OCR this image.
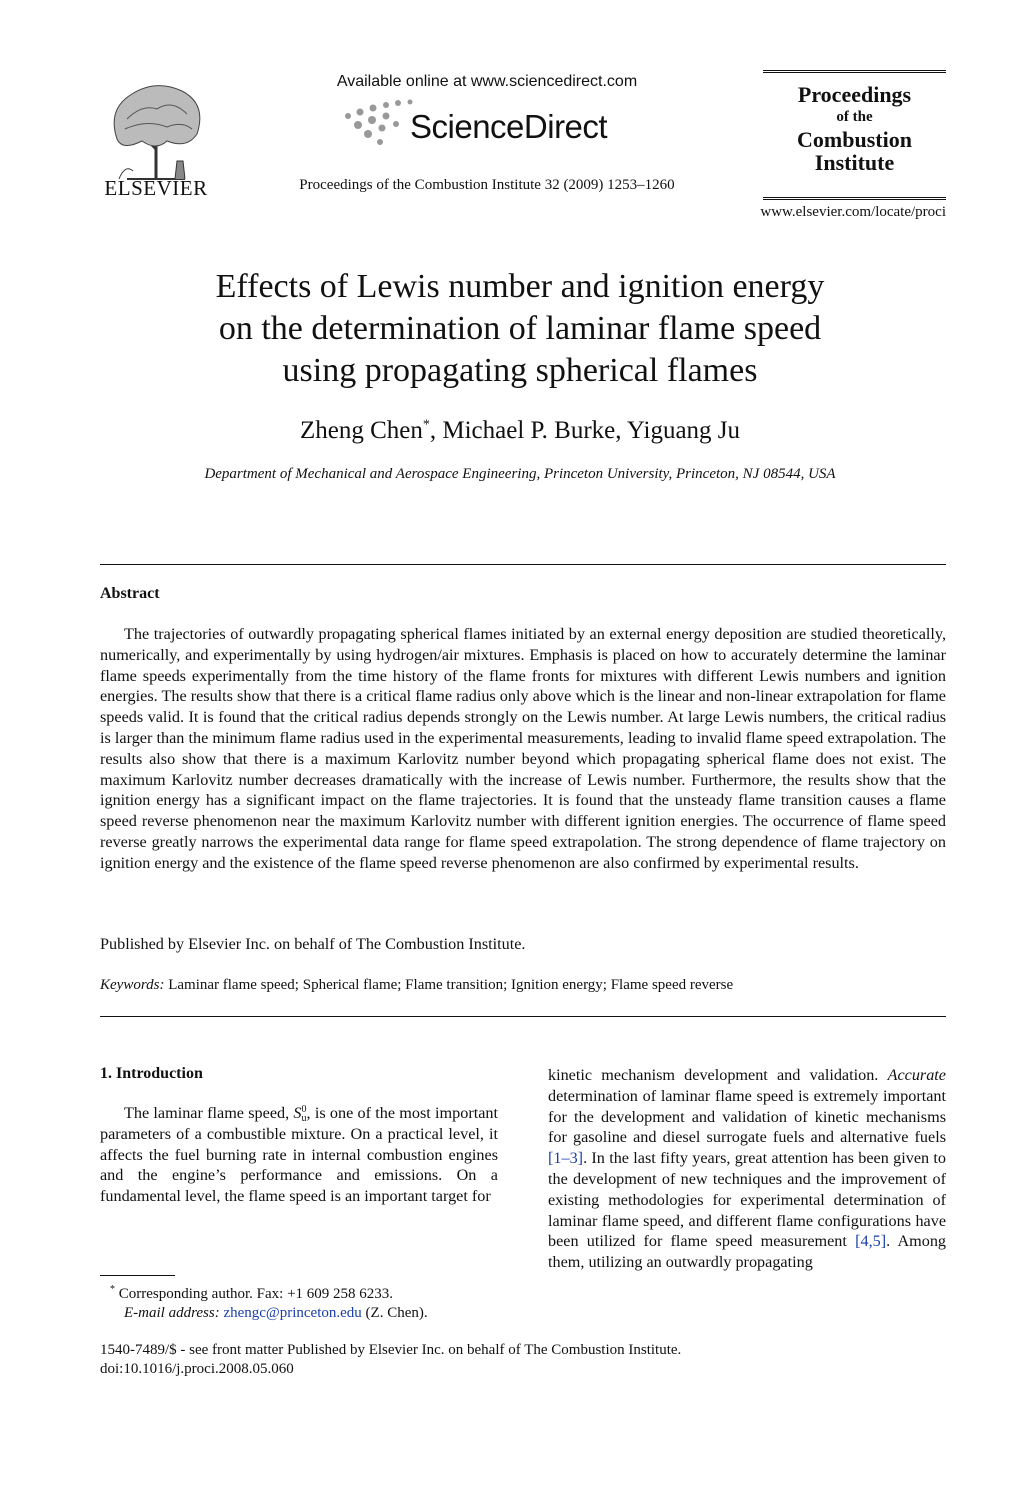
ELSEVIER
Available online at www.sciencedirect.com
ScienceDirect
Proceedings of the Combustion Institute 32 (2009) 1253–1260
Proceedings
of the
Combustion
Institute
www.elsevier.com/locate/proci
Effects of Lewis number and ignition energy
on the determination of laminar flame speed
using propagating spherical flames
Zheng Chen*, Michael P. Burke, Yiguang Ju
Department of Mechanical and Aerospace Engineering, Princeton University, Princeton, NJ 08544, USA
Abstract

The trajectories of outwardly propagating spherical flames initiated by an external energy deposition are studied theoretically, numerically, and experimentally by using hydrogen/air mixtures. Emphasis is placed on how to accurately determine the laminar flame speeds experimentally from the time history of the flame fronts for mixtures with different Lewis numbers and ignition energies. The results show that there is a critical flame radius only above which is the linear and non-linear extrapolation for flame speeds valid. It is found that the critical radius depends strongly on the Lewis number. At large Lewis numbers, the critical radius is larger than the minimum flame radius used in the experimental measurements, leading to invalid flame speed extrapolation. The results also show that there is a maximum Karlovitz number beyond which propagating spherical flame does not exist. The maximum Karlovitz number decreases dramatically with the increase of Lewis number. Furthermore, the results show that the ignition energy has a significant impact on the flame trajectories. It is found that the unsteady flame transition causes a flame speed reverse phenomenon near the maximum Karlovitz number with different ignition energies. The occurrence of flame speed reverse greatly narrows the experimental data range for flame speed extrapolation. The strong dependence of flame trajectory on ignition energy and the existence of the flame speed reverse phenomenon are also confirmed by experimental results.

Published by Elsevier Inc. on behalf of The Combustion Institute.
Keywords: Laminar flame speed; Spherical flame; Flame transition; Ignition energy; Flame speed reverse
1. Introduction

The laminar flame speed, S 0
u , is one of the most important parameters of a combustible mixture. On a practical level, it affects the fuel burning rate in internal combustion engines and the engine’s performance and emissions. On a fundamental level, the flame speed is an important target for

kinetic mechanism development and validation. Accurate determination of laminar flame speed is extremely important for the development and validation of kinetic mechanisms for gasoline and diesel surrogate fuels and alternative fuels [1–3]. In the last fifty years, great attention has been given to the development of new techniques and the improvement of existing methodologies for experimental determination of laminar flame speed, and different flame configurations have been utilized for flame speed measurement [4,5]. Among them, utilizing an outwardly propagating

* Corresponding author. Fax: +1 609 258 6233.
E-mail address: zhengc@princeton.edu (Z. Chen).
1540-7489/$ - see front matter Published by Elsevier Inc. on behalf of The Combustion Institute.
doi:10.1016/j.proci.2008.05.060
